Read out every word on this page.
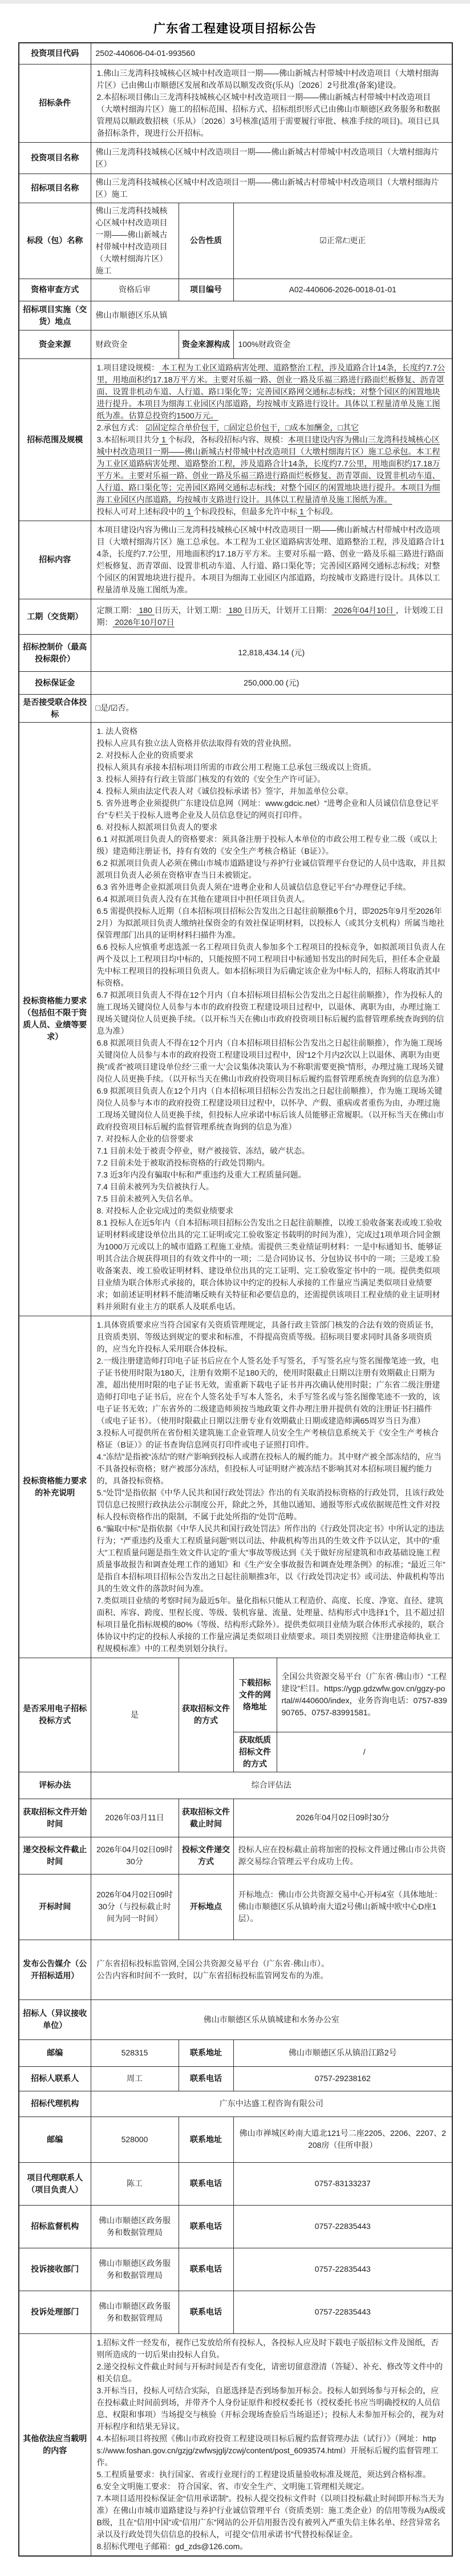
广东省工程建设项目招标公告
投资项目代码	2502-440606-04-01-993560			
招标条件	1.佛山三龙湾科技城核心区城中村改造项目一期——佛山新城古村带城中村改造项目（大墩村细海片区）已由佛山市顺德区发展和改革局以顺发改资(乐从)〔2026〕2号批准(备案)建设。
2.本招标项目佛山三龙湾科技城核心区城中村改造项目一期——佛山新城古村带城中村改造项目（大墩村细海片区）施工的招标范围、招标方式、招标组织形式已由佛山市顺德区政务服务和数据管理局以顺政数招核（乐从）〔2026〕3号核准(适用于需要履行审批、核准手续的项目)。项目已具备招标条件，现进行公开招标。			

投资项目名称	佛山三龙湾科技城核心区城中村改造项目一期——佛山新城古村带城中村改造项目（大墩村细海片区）			
招标项目名称	佛山三龙湾科技城核心区城中村改造项目一期——佛山新城古村带城中村改造项目（大墩村细海片区）施工			
标段（包）名称	佛山三龙湾科技城核心区城中村改造项目一期——佛山新城古村带城中村改造项目（大墩村细海片区）施工	公告性质	☑正常/□更正	
资格审查方式	资格后审	项目编号	A02-440606-2026-0018-01-01	
招标项目实施（交货）地点	佛山市顺德区乐从镇			
资金来源	财政资金	资金来源构成	100%财政资金	
招标范围及规模	1.项目建设规模： 本工程为工业区道路病害处理、道路整治工程，涉及道路合计14条，长度约7.7公里，用地面积约17.18万平方米。主要对乐福一路、创业一路及乐福三路进行路面烂板修复、沥青罩面、设置非机动车道、人行道、路口渠化等；完善园区路网交通标志标线；对整个园区的闲置地块进行提升。本项目为细海工业园区内部道路，均按城市支路进行设计。具体以工程量清单及施工图纸为准。估算总投资约1500万元。
2.承包方式： ☑固定综合单价包干，□固定总价包干，□成本加酬金，□其它
3.本招标项目共分 1 个标段，各标段招标内容、规模：本项目建设内容为佛山三龙湾科技城核心区城中村改造项目一期——佛山新城古村带城中村改造项目（大墩村细海片区）施工总承包。本工程为工业区道路病害处理、道路整治工程，涉及道路合计14条，长度约7.7公里，用地面积约17.18万平方米。主要对乐福一路、创业一路及乐福三路进行路面烂板修复、沥青罩面、设置非机动车道、人行道、路口渠化等；完善园区路网交通标志标线；对整个园区的闲置地块进行提升。本项目为细海工业园区内部道路，均按城市支路进行设计。具体以工程量清单及施工图纸为准。
投标人可对上述标段中的 1 个标段投标，但最多允许中标 1 个标段。			

招标内容	本项目建设内容为佛山三龙湾科技城核心区城中村改造项目一期——佛山新城古村带城中村改造项目（大墩村细海片区）施工总承包。本工程为工业区道路病害处理、道路整治工程，涉及道路合计14条，长度约7.7公里，用地面积约17.18万平方米。主要对乐福一路、创业一路及乐福三路进行路面烂板修复、沥青罩面、设置非机动车道、人行道、路口渠化等；完善园区路网交通标志标线；对整个园区的闲置地块进行提升。本项目为细海工业园区内部道路，均按城市支路进行设计。具体以工程量清单及施工图纸为准。			

工期（交货期）	定额工期： 180 日历天，计划工期： 180 日历天，计划开工日期： 2026年04月10日 ，计划竣工日期： 2026年10月07日			

招标控制价（最高投标限价）	12,818,434.14 (元)			
投标保证金	250,000.00 (元)			
是否接受联合体投标	□是/☑否。			
投标资格能力要求（包括但不限于资质人员、业绩等要求）	
1. 法人资格
投标人应具有独立法人资格并依法取得有效的营业执照。
2. 对投标人企业的资质要求
投标人须具有承接本招标项目所需的市政公用工程施工总承包三级或以上资质。
3. 投标人须持有行政主管部门核发的有效的《安全生产许可证》。
4. 投标人须由法定代表人对《诚信投标承诺书》签字，并加盖单位公章。
5. 省外进粤企业须提供广东建设信息网（网址：www.gdcic.net）“进粤企业和人员诚信信息登记平台”专栏关于投标人进粤企业及人员信息登记的网页打印件。
6. 对投标人拟派项目负责人的要求
6.1 对拟派项目负责人的资格要求：须具备注册于投标人本单位的市政公用工程专业二级（或以上级）建造师注册证书，持有有效的《安全生产考核合格证（B证）》。
6.2 拟派项目负责人必须在佛山市城市道路建设与养护行业诚信管理平台登记的人员中选取，并且拟派项目负责人必须在资格审查当日未被锁定。
6.3 省外进粤企业拟派项目负责人须在“进粤企业和人员诚信信息登记平台”办理登记手续。
6.4 拟派项目负责人没有在其他在建项目中担任项目负责人。
6.5 需提供投标人近期（自本招标项目招标公告发出之日起往前顺推6个月，即2025年9月至2026年2月）为拟派项目负责人缴纳社保资金的有效社保证明材料，以投标人（或其分支机构）所属当地社保管理部门出具的证明材料扫描件为准。
6.6 投标人应慎重考虑选派一名工程项目负责人参加多个工程项目的投标竞争，如拟派项目负责人在两个及以上工程项目均中标的，只能按照不同工程项目中标通知书发出的时间先后，担任本企业最先中标工程项目的投标项目负责人。如本招标项目为后确定该企业为中标人的，招标人将取消其中标资格。
6.7 拟派项目负责人不得在12个月内（自本招标项目招标公告发出之日起往前顺推），作为投标人的施工现场关键岗位人员参与本市的政府投资工程建设项目过程中，以退休、离职为由，办理过施工现场关键岗位人员更换手续。（以开标当天在佛山市政府投资项目标后履约监督管理系统查询到的信息为准）
6.8 拟派项目负责人不得在12个月内（自本招标项目招标公告发出之日起往前顺推），作为施工现场关键岗位人员参与本市的政府投资工程建设项目过程中，因“12个月内2次以上以退休、离职为由更换”或者“被项目建设单位经‘三重一大’会议集体决策认为不称职需要更换”情形，办理过施工现场关键岗位人员更换手续。（以开标当天在佛山市政府投资项目标后履约监督管理系统查询到的信息为准）
6.9 拟派项目负责人在12个月内（自本招标项目招标公告发出之日起往前顺推），作为施工现场关键岗位人员参与本市的政府投资工程建设项目过程中，以怀孕、产假、重病或者重伤为由，办理过施工现场关键岗位人员更换手续，但投标人应承诺中标后该人员能够正常履职。（以开标当天在佛山市政府投资项目标后履约监督管理系统查询到的信息为准）
7. 对投标人企业的信誉要求
7.1 目前未处于被责令停业，财产被接管、冻结，破产状态。
7.2 目前未处于被取消投标资格的行政处罚期内。
7.3 近3年内没有骗取中标和严重违约及重大工程质量问题。
7.4 目前未被列为失信被执行人。
7.5 目前未被列入失信名单。
8. 对投标人企业完成过的类似业绩要求
8.1 投标人在近5年内（自本招标项目招标公告发出之日起往前顺推，以竣工验收备案表或竣工验收证明材料或建设单位出具的完工证明或完工验收鉴定书载明的时间为准），完成过1项单项合同金额为1000万元或以上的城市道路工程施工业绩。需提供三类业绩证明材料：一是中标通知书、能够证明其合法合规获得项目的有效文件中的一项；二是合同协议书、分包协议书中的一项；三是竣工验收备案表、竣工验收证明材料、建设单位出具的完工证明、完工验收鉴定书中的一项。提供类似项目业绩为联合体形式承接的，联合体协议中约定的投标人承接的工作量应当满足类似项目业绩要求；如前述证明材料不能清晰反映有关特征和必要信息的，还需提供该项目工程业绩的业主证明材料并须附有业主方的联系人及联系电话。

投标资格能力要求的补充说明	
1.具体资质要求应当符合国家有关资质管理规定，具备行政主管部门核发的合法有效的资质证书，且资质类别、等级达到规定的要求和标准，不得提高资质等级。招标项目要求同时具备多项资质的，应当允许投标人采用联合体投标。
2.一级注册建造师打印电子证书后应在个人签名处手写签名，手写签名应与签名图像笔迹一致，电子证书使用时限为180天，注册有效期不足180天的，使用时限截止日期以注册有效期截止日期为准，超出使用时限的电子证书无效，需重新下载电子证书并再次确认使用时限；广东省二级注册建造师打印电子证书后，应在个人签名处手写本人签名，未手写签名或与签名图像笔迹不一致的，该电子证书无效；广东省外的二级建造师须按当地政策文件办理注册并提供有效的注册证书扫描件（或电子证书）。（使用时限截止日期以注册专业有效期截止日期或建造师满65周岁当日为准）
3.投标人可提供所在省份相关建筑施工企业管理人员安全生产考核信息系统关于《安全生产考核合格证（B证）》的证书查询信息网页打印件或电子证照打印件。
4.“冻结”是指被“冻结”的财产影响到投标人或潜在投标人的履约能力。其中财产被全部冻结的，应当不具备投标资格；财产被部分冻结，但投标人可证明财产被冻结不影响其对本招标项目履约能力的，具备投标资格。
5.“处罚”是指依据《中华人民共和国行政处罚法》作出的有关取消投标资格的行政处罚，且该行政处罚信息已按照行政执法公示制度公开，除此之外，其他以通知、通报等形式或依据规范性文件对投标人投标资格作出的限制，不属于此处所指的“处罚”范畴。
6.“骗取中标”是指依据《中华人民共和国行政处罚法》所作出的《行政处罚决定书》中所认定的违法行为；“严重违约及重大工程质量问题”则以司法、仲裁机构等出具的生效文件予以认定，其中的“重大”工程质量问题是指生效文件认定的“重大”事故等级达到《关于做好房屋建筑和市政基础设施工程质量事故报告和调查处理工作的通知》和《生产安全事故报告和调查处理条例》的标准；“最近三年”是指自本招标项目招标公告发出之日起往前顺推3年，以《行政处罚决定书》或司法、仲裁机构等出具的生效文件的落款时间为准。
7.类似项目业绩的考察时间为最近5年。量化指标只能从工程造价、高度、长度、净宽、直径、建筑面积、库容、跨度、里程长度、等级、装机容量、流量、处理量、结构形式中选择1个，且不超过招标项目量化指标规模的80%（等级、结构形式除外）。提供类似项目业绩为联合体形式承接的，联合体协议中约定的投标人承接的工作量应满足类似项目业绩要求。项目类别按照《注册建造师执业工程规模标准》中的工程类别划分执行。

是否采用电子招标投标方式	是	获取招标文件的方式	下载招标文件的网络地址	全国公共资源交易平台（广东省·佛山市）“工程建设”栏目。https://ygp.gdzwfw.gov.cn/ggzy-portal/#/440600/index，业务咨询电话：0757-83990765、0757-83991581。
			获取纸质招标文件的方式	/
评标办法	综合评估法			
获取招标文件开始时间	2026年03月11日	获取招标文件截止时间	2026年04月02日09时30分	
递交投标文件截止时间	2026年04月02日09时30分	投标文件递交方式	投标人应在投标截止前将加密的投标文件通过佛山市公共资源交易综合管理云平台成功上传。	
开标时间	2026年04月02日09时30分（与投标截止时间为同一时间）	开标地点	开标地点：佛山市公共资源交易中心开标4室（具体地址：佛山市顺德区乐从镇岭南大道2号佛山新城中欧中心D座1层）。	
发布公告媒介（公开招标适用）	广东省招标投标监管网,全国公共资源交易平台（广东省·佛山市）。
公告内容和时间不一致时，以广东省招标投标监管网发布的为准。			

招标人（异议接收单位）	佛山市顺德区乐从镇城建和水务办公室			
邮编	528315	联系地址	佛山市顺德区乐从镇沿江路2号	
招标人联系人	周工	联系电话	0757-29238162	
招标代理机构	广东中达盛工程咨询有限公司			
邮编	528000	联系地址	佛山市禅城区岭南大道北121号二座2205、2206、2207、2208房（住所申报）	
项目代理联系人（项目负责人）	陈工	联系电话	0757-83133237	
招标监督机构	佛山市顺德区政务服务和数据管理局	联系电话	0757-22835443	
投诉接收部门	佛山市顺德区政务服务和数据管理局	联系电话	0757-22835443	
投诉处理部门	佛山市顺德区政务服务和数据管理局	联系电话	0757-22835443	
其他依法应当载明的内容	
1.招标文件一经发布，视作已发放给所有投标人，各投标人应及时下载电子版招标文件及图纸，否则所造成的一切后果由投标人自负。
2.递交投标文件截止时间与开标时间是否有变化，请密切留意澄清（答疑）、补充、修改等文件中的相关信息。
3.开标当日，投标人可结合实际，自愿选择是否到场参加开标会。投标人如到场参与开标会的，应在投标截止时间前到场，并带齐个人身份证原件和授权委托书（授权委托书应当明确授权的人员信息、权限和事项）当场提交与核验（开标会现场查验后当场退还）；投标人未参加开标会的，视为对开标程序和结果无异议。
4.本招标项目将按照《佛山市政府投资工程建设项目标后履约监督管理办法（试行）》（网址：https://www.foshan.gov.cn/gzjg/zwfwsjglj/zcwj/content/post_6093574.html）开展标后履约监督管理工作。
5.工程质量要求：执行国家、省或行业现行的工程建设质量验收标准及规范，须达到合格标准。
6.安全文明施工要求： 符合国家、省、市安全生产、文明施工管理相关规定。
7.本项目适用投标保证金“信用承诺制”。投标人提交投标文件时（以项目投标截止时间即开标当天为准）在佛山市城市道路建设与养护行业诚信管理平台（资质类别：施工类企业）的信用等级为A级或 B级，且在“信用中国”或“信用广东”网站的公开信用报告没有被列入严重失信主体名单、经营异常名录以及行政处罚失信信息的投标人，可提交“信用承诺书”代替投标保证金。
8.招标代理电子邮箱：gd_zds@126.com。
